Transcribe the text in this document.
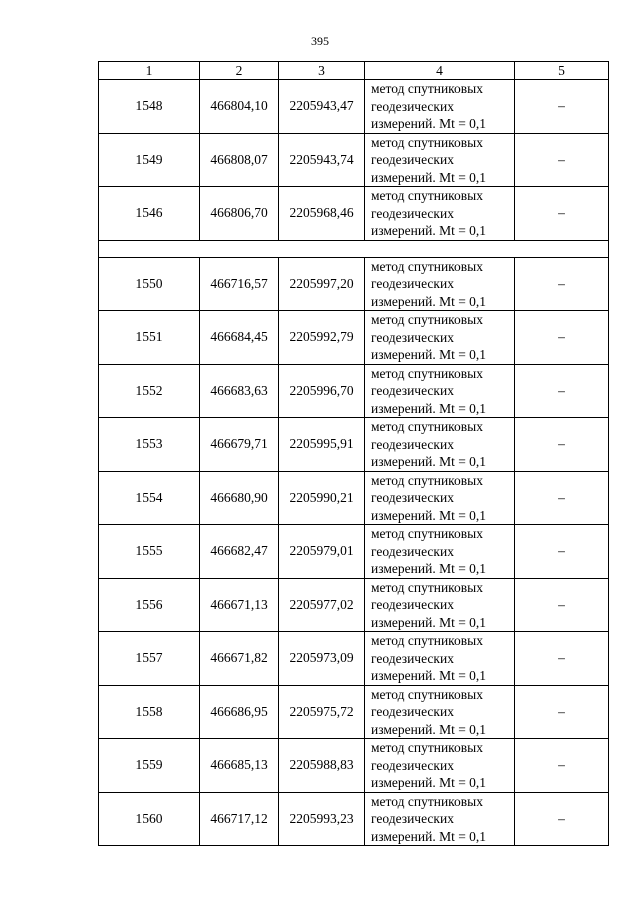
395
1	2	3	4	5
1548	466804,10	2205943,47	метод спутниковых
геодезических
измерений. Mt = 0,1	–
1549	466808,07	2205943,74	метод спутниковых
геодезических
измерений. Mt = 0,1	–
1546	466806,70	2205968,46	метод спутниковых
геодезических
измерений. Mt = 0,1	–

1550	466716,57	2205997,20	метод спутниковых
геодезических
измерений. Mt = 0,1	–
1551	466684,45	2205992,79	метод спутниковых
геодезических
измерений. Mt = 0,1	–
1552	466683,63	2205996,70	метод спутниковых
геодезических
измерений. Mt = 0,1	–
1553	466679,71	2205995,91	метод спутниковых
геодезических
измерений. Mt = 0,1	–
1554	466680,90	2205990,21	метод спутниковых
геодезических
измерений. Mt = 0,1	–
1555	466682,47	2205979,01	метод спутниковых
геодезических
измерений. Mt = 0,1	–
1556	466671,13	2205977,02	метод спутниковых
геодезических
измерений. Mt = 0,1	–
1557	466671,82	2205973,09	метод спутниковых
геодезических
измерений. Mt = 0,1	–
1558	466686,95	2205975,72	метод спутниковых
геодезических
измерений. Mt = 0,1	–
1559	466685,13	2205988,83	метод спутниковых
геодезических
измерений. Mt = 0,1	–
1560	466717,12	2205993,23	метод спутниковых
геодезических
измерений. Mt = 0,1	–
